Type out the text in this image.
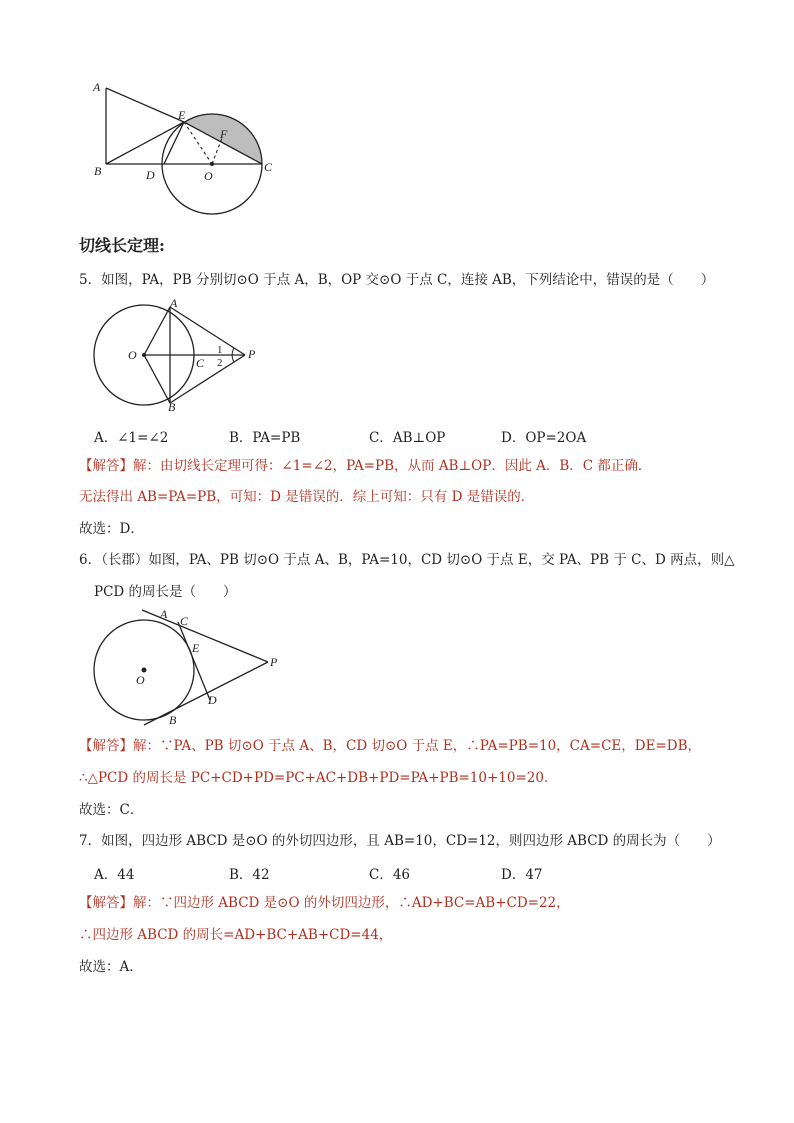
A
B	D	O
E
F
C
切线长定理:
5．如图，PA，PB 分别切⊙O 于点 A，B，OP 交⊙O 于点 C，连接 AB，下列结论中，错误的是（　　）
A
B
O
C
P
1
2
A．∠1=∠2	B．PA=PB	C．AB⊥OP	D．OP=2OA
【解答】解：由切线长定理可得：∠1=∠2，PA=PB，从而 AB⊥OP．因此 A．B．C 都正确．
无法得出 AB=PA=PB，可知：D 是错误的．综上可知：只有 D 是错误的．
故选：D．
6．（长郡）如图，PA、PB 切⊙O 于点 A、B，PA=10，CD 切⊙O 于点 E，交 PA、PB 于 C、D 两点，则△
PCD 的周长是（　　）
A C
E
P
O
D
B
【解答】解：∵PA、PB 切⊙O 于点 A、B，CD 切⊙O 于点 E，∴PA=PB=10，CA=CE，DE=DB，
∴△PCD 的周长是 PC+CD+PD=PC+AC+DB+PD=PA+PB=10+10=20．
故选：C．
7．如图，四边形 ABCD 是⊙O 的外切四边形，且 AB=10，CD=12，则四边形 ABCD 的周长为（　　）
A．44	B．42	C．46	D．47
【解答】解：∵四边形 ABCD 是⊙O 的外切四边形，∴AD+BC=AB+CD=22，
∴四边形 ABCD 的周长=AD+BC+AB+CD=44，
故选：A．
